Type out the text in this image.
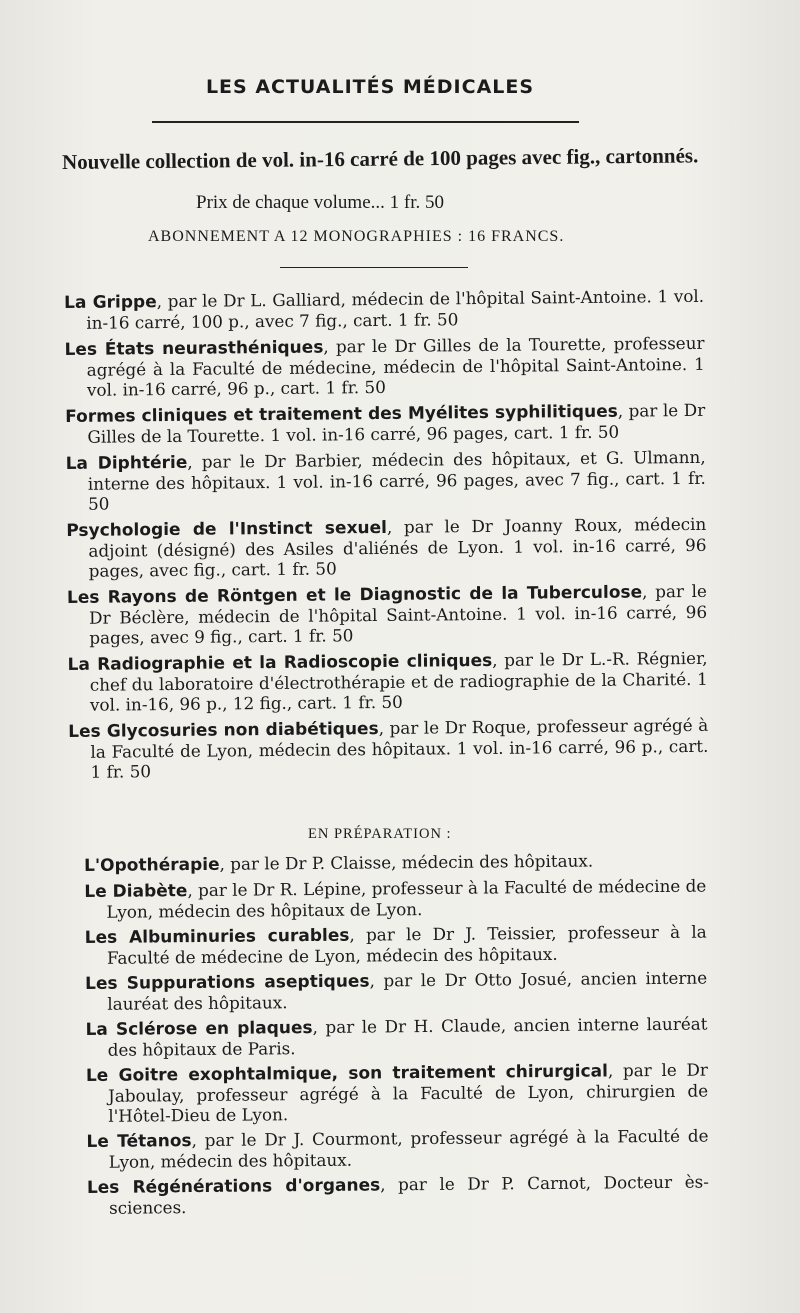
LES ACTUALITÉS MÉDICALES
Nouvelle collection de vol. in-16 carré de 100 pages avec fig., cartonnés.
Prix de chaque volume... 1 fr. 50
ABONNEMENT A 12 MONOGRAPHIES : 16 FRANCS.
La Grippe, par le Dr L. Galliard, médecin de l'hôpital Saint-Antoine. 1 vol. in-16 carré, 100 p., avec 7 fig., cart. 1 fr. 50
Les États neurasthéniques, par le Dr Gilles de la Tourette, professeur agrégé à la Faculté de médecine, médecin de l'hôpital Saint-Antoine. 1 vol. in-16 carré, 96 p., cart. 1 fr. 50
Formes cliniques et traitement des Myélites syphilitiques, par le Dr Gilles de la Tourette. 1 vol. in-16 carré, 96 pages, cart. 1 fr. 50
La Diphtérie, par le Dr Barbier, médecin des hôpitaux, et G. Ulmann, interne des hôpitaux. 1 vol. in-16 carré, 96 pages, avec 7 fig., cart. 1 fr. 50
Psychologie de l'Instinct sexuel, par le Dr Joanny Roux, médecin adjoint (désigné) des Asiles d'aliénés de Lyon. 1 vol. in-16 carré, 96 pages, avec fig., cart. 1 fr. 50
Les Rayons de Röntgen et le Diagnostic de la Tuberculose, par le Dr Béclère, médecin de l'hôpital Saint-Antoine. 1 vol. in-16 carré, 96 pages, avec 9 fig., cart. 1 fr. 50
La Radiographie et la Radioscopie cliniques, par le Dr L.-R. Régnier, chef du laboratoire d'électrothérapie et de radiographie de la Charité. 1 vol. in-16, 96 p., 12 fig., cart. 1 fr. 50
Les Glycosuries non diabétiques, par le Dr Roque, professeur agrégé à la Faculté de Lyon, médecin des hôpitaux. 1 vol. in-16 carré, 96 p., cart. 1 fr. 50
EN PRÉPARATION :
L'Opothérapie, par le Dr P. Claisse, médecin des hôpitaux.
Le Diabète, par le Dr R. Lépine, professeur à la Faculté de médecine de Lyon, médecin des hôpitaux de Lyon.
Les Albuminuries curables, par le Dr J. Teissier, professeur à la Faculté de médecine de Lyon, médecin des hôpitaux.
Les Suppurations aseptiques, par le Dr Otto Josué, ancien interne lauréat des hôpitaux.
La Sclérose en plaques, par le Dr H. Claude, ancien interne lauréat des hôpitaux de Paris.
Le Goitre exophtalmique, son traitement chirurgical, par le Dr Jaboulay, professeur agrégé à la Faculté de Lyon, chirurgien de l'Hôtel-Dieu de Lyon.
Le Tétanos, par le Dr J. Courmont, professeur agrégé à la Faculté de Lyon, médecin des hôpitaux.
Les Régénérations d'organes, par le Dr P. Carnot, Docteur ès-sciences.
